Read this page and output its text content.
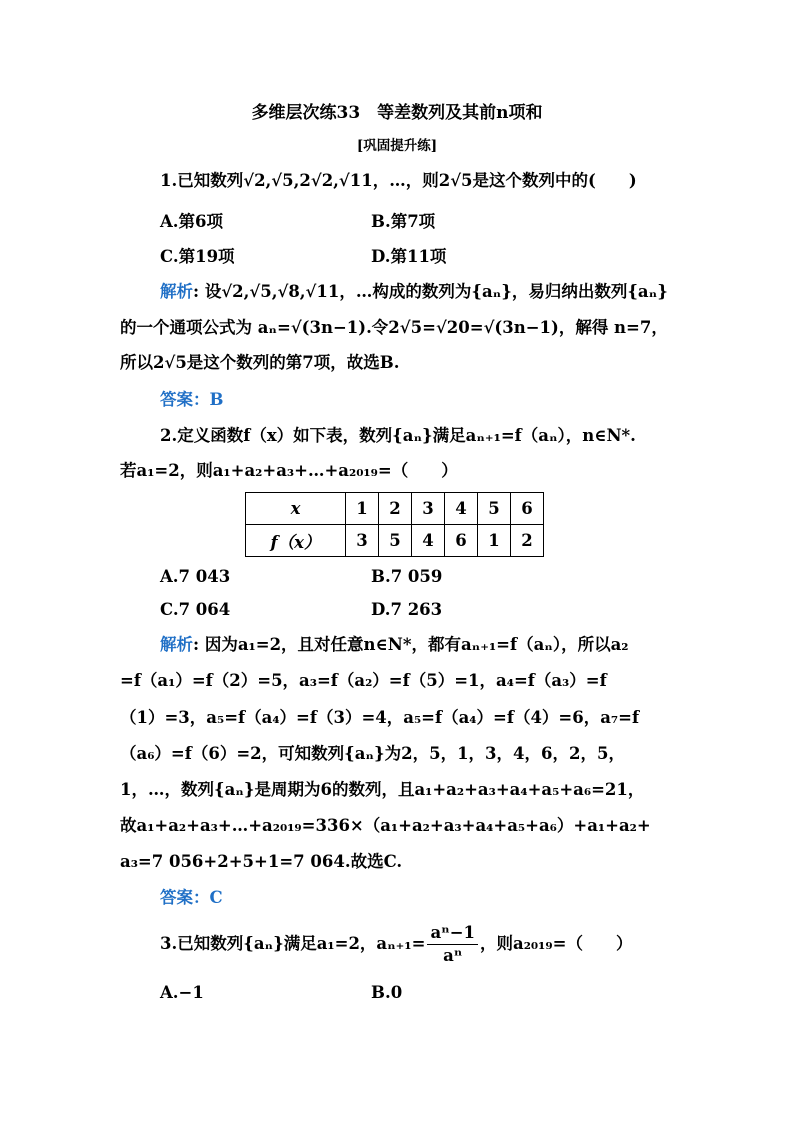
多维层次练33　等差数列及其前n项和
[巩固提升练]
1.已知数列√2,√5,2√2,√11，…，则2√5是这个数列中的(　　)
A.第6项	B.第7项
C.第19项	D.第11项
解析: 设√2,√5,√8,√11，…构成的数列为{aₙ}，易归纳出数列{aₙ}
的一个通项公式为 aₙ=√(3n−1).令2√5=√20=√(3n−1)，解得 n=7，
所以2√5是这个数列的第7项，故选B.
答案：B
2.定义函数f（x）如下表，数列{aₙ}满足aₙ₊₁=f（aₙ），n∈N*.
若a₁=2，则a₁+a₂+a₃+…+a₂₀₁₉=（　　）
x	1	2	3	4	5	6
f（x）	3	5	4	6	1	2
A.7 043	B.7 059
C.7 064	D.7 263
解析: 因为a₁=2，且对任意n∈N*，都有aₙ₊₁=f（aₙ），所以a₂
=f（a₁）=f（2）=5，a₃=f（a₂）=f（5）=1，a₄=f（a₃）=f
（1）=3，a₅=f（a₄）=f（3）=4，a₅=f（a₄）=f（4）=6，a₇=f
（a₆）=f（6）=2，可知数列{aₙ}为2，5，1，3，4，6，2，5，
1，…，数列{aₙ}是周期为6的数列，且a₁+a₂+a₃+a₄+a₅+a₆=21，
故a₁+a₂+a₃+…+a₂₀₁₉=336×（a₁+a₂+a₃+a₄+a₅+a₆）+a₁+a₂+
a₃=7 056+2+5+1=7 064.故选C.
答案：C
3.已知数列{aₙ}满足a₁=2，$a_{n+1}= \frac{\text{aⁿ−1}}{\text{aⁿ}}$ ，则a₂₀₁₉=（　　）
A.−1	B.0
